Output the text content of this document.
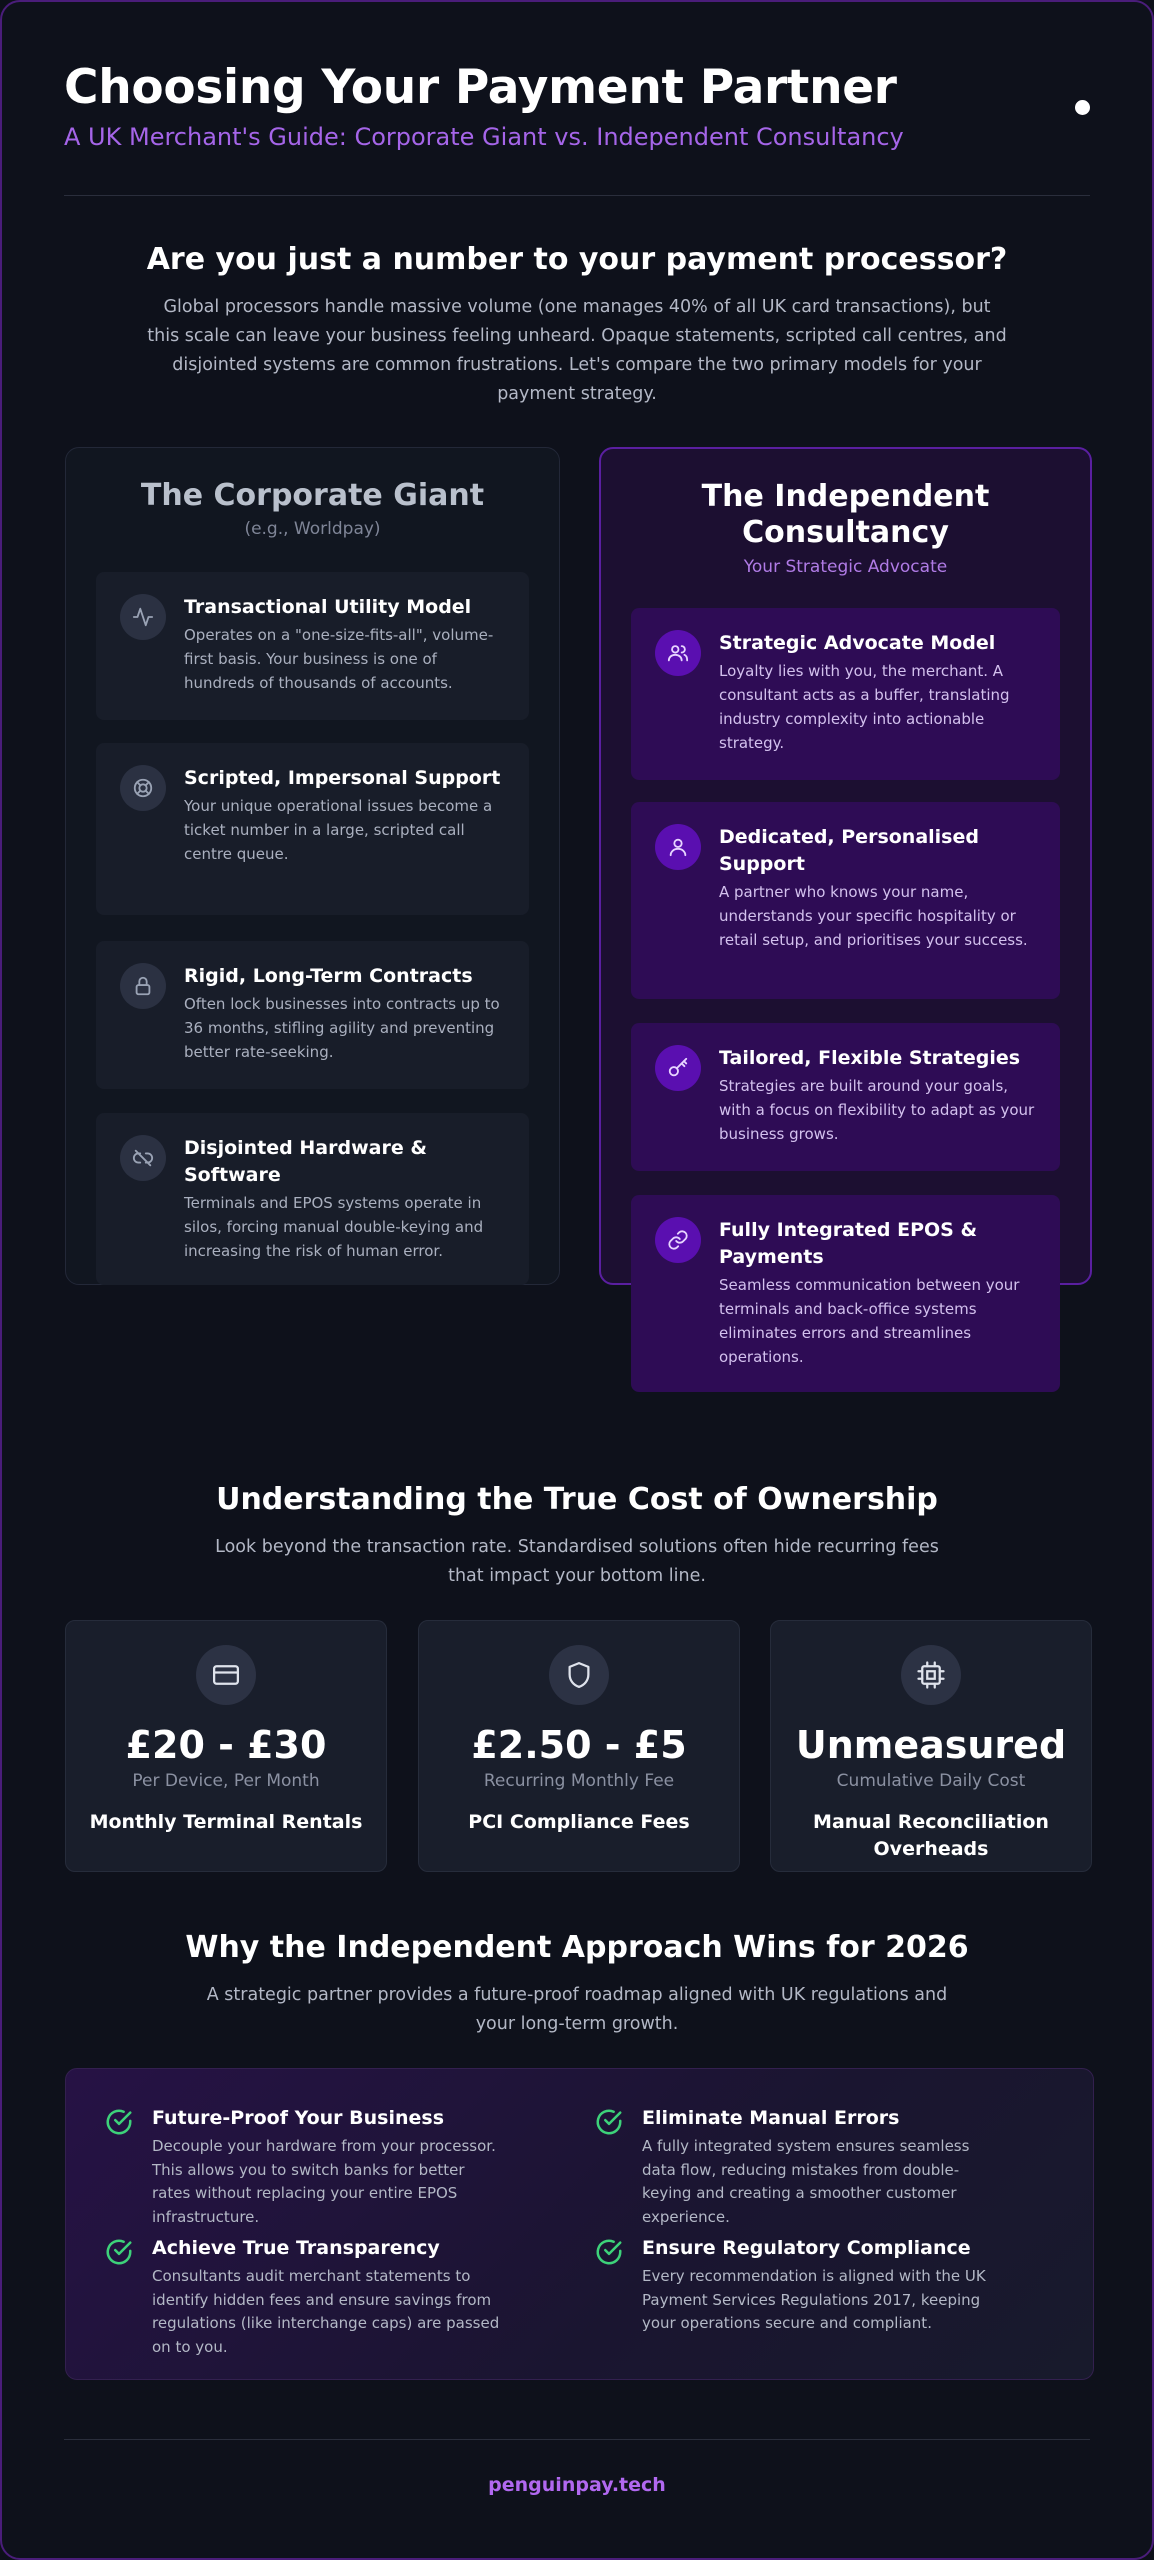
Choosing Your Payment Partner
A UK Merchant's Guide: Corporate Giant vs. Independent Consultancy
Are you just a number to your payment processor?
Global processors handle massive volume (one manages 40% of all UK card transactions), but this scale can leave your business feeling unheard. Opaque statements, scripted call centres, and disjointed systems are common frustrations. Let's compare the two primary models for your payment strategy.
The Corporate Giant
(e.g., Worldpay)
Transactional Utility Model
Operates on a "one-size-fits-all", volume-first basis. Your business is one of hundreds of thousands of accounts.
Scripted, Impersonal Support
Your unique operational issues become a ticket number in a large, scripted call centre queue.
Rigid, Long-Term Contracts
Often lock businesses into contracts up to 36 months, stifling agility and preventing better rate-seeking.
Disjointed Hardware & Software
Terminals and EPOS systems operate in silos, forcing manual double-keying and increasing the risk of human error.
The Independent Consultancy
Your Strategic Advocate
Strategic Advocate Model
Loyalty lies with you, the merchant. A consultant acts as a buffer, translating industry complexity into actionable strategy.
Dedicated, Personalised Support
A partner who knows your name, understands your specific hospitality or retail setup, and prioritises your success.
Tailored, Flexible Strategies
Strategies are built around your goals, with a focus on flexibility to adapt as your business grows.
Fully Integrated EPOS & Payments
Seamless communication between your terminals and back-office systems eliminates errors and streamlines operations.
Understanding the True Cost of Ownership
Look beyond the transaction rate. Standardised solutions often hide recurring fees that impact your bottom line.
£20 - £30
Per Device, Per Month
Monthly Terminal Rentals
£2.50 - £5
Recurring Monthly Fee
PCI Compliance Fees
Unmeasured
Cumulative Daily Cost
Manual Reconciliation Overheads
Why the Independent Approach Wins for 2026
A strategic partner provides a future-proof roadmap aligned with UK regulations and your long-term growth.
Future-Proof Your Business
Decouple your hardware from your processor. This allows you to switch banks for better rates without replacing your entire EPOS infrastructure.
Eliminate Manual Errors
A fully integrated system ensures seamless data flow, reducing mistakes from double-keying and creating a smoother customer experience.
Achieve True Transparency
Consultants audit merchant statements to identify hidden fees and ensure savings from regulations (like interchange caps) are passed on to you.
Ensure Regulatory Compliance
Every recommendation is aligned with the UK Payment Services Regulations 2017, keeping your operations secure and compliant.
penguinpay.tech
